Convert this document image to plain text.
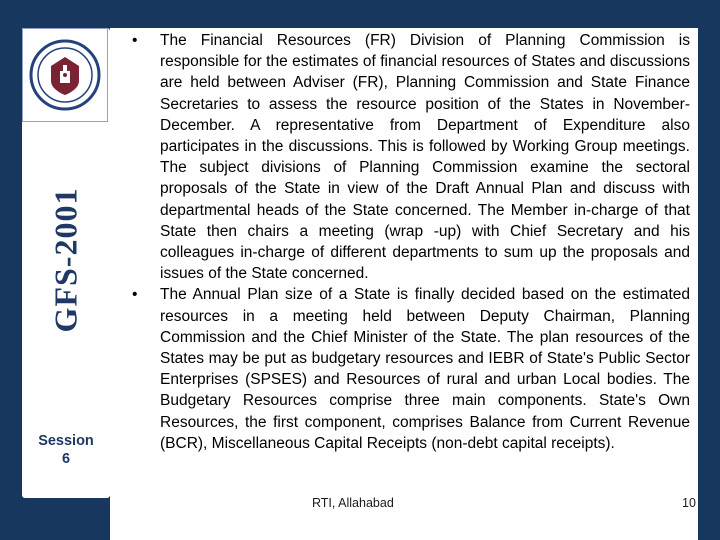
GFS-2001
Session
6
• The Financial Resources (FR) Division of Planning Commission is responsible for the estimates of financial resources of States and discussions are held between Adviser (FR), Planning Commission and State Finance Secretaries to assess the resource position of the States in November-December. A representative from Department of Expenditure also participates in the discussions. This is followed by Working Group meetings. The subject divisions of Planning Commission examine the sectoral proposals of the State in view of the Draft Annual Plan and discuss with departmental heads of the State concerned. The Member in-charge of that State then chairs a meeting (wrap -up) with Chief Secretary and his colleagues in-charge of different departments to sum up the proposals and issues of the State concerned.
• The Annual Plan size of a State is finally decided based on the estimated resources in a meeting held between Deputy Chairman, Planning Commission and the Chief Minister of the State. The plan resources of the States may be put as budgetary resources and IEBR of State's Public Sector Enterprises (SPSES) and Resources of rural and urban Local bodies. The Budgetary Resources comprise three main components. State's Own Resources, the first component, comprises Balance from Current Revenue (BCR), Miscellaneous Capital Receipts (non-debt capital receipts).
RTI, Allahabad	10
